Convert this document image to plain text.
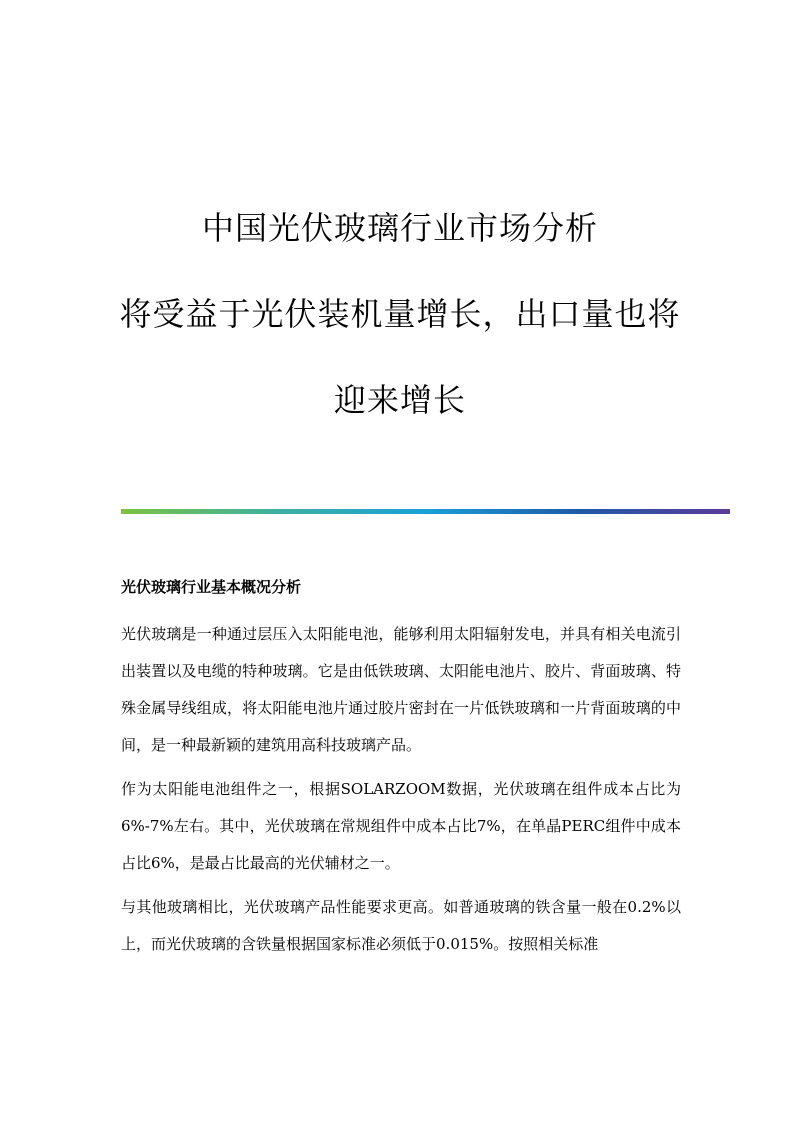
中国光伏玻璃行业市场分析
将受益于光伏装机量增长，出口量也将
迎来增长

光伏玻璃行业基本概况分析

光伏玻璃是一种通过层压入太阳能电池，能够利用太阳辐射发电，并具有相关电流引出装置以及电缆的特种玻璃。它是由低铁玻璃、太阳能电池片、胶片、背面玻璃、特殊金属导线组成，将太阳能电池片通过胶片密封在一片低铁玻璃和一片背面玻璃的中间，是一种最新颖的建筑用高科技玻璃产品。

作为太阳能电池组件之一，根据SOLARZOOM数据，光伏玻璃在组件成本占比为6%-7%左右。其中，光伏玻璃在常规组件中成本占比7%，在单晶PERC组件中成本占比6%，是最占比最高的光伏辅材之一。

与其他玻璃相比，光伏玻璃产品性能要求更高。如普通玻璃的铁含量一般在0.2%以上，而光伏玻璃的含铁量根据国家标准必须低于0.015%。按照相关标准
